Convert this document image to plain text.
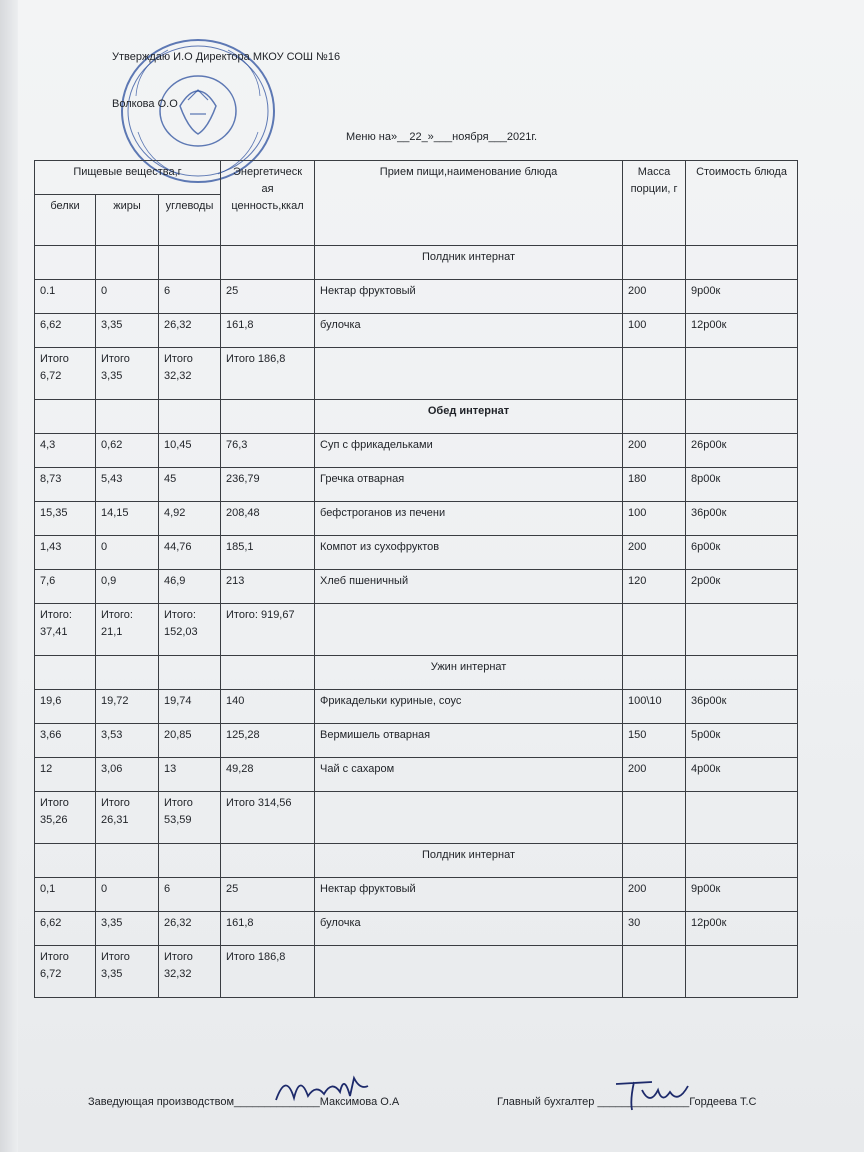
Утверждаю И.О Директора МКОУ СОШ №16
Волкова О.О
Меню на»__22_»___ноября___2021г.
Пищевые вещества,г			Энергетическ ая ценность,ккал	Прием пищи,наименование блюда	Масса порции, г	Стоимость блюда
белки	жиры	углеводы				
				Полдник интернат		
0.1	0	6	25	Нектар фруктовый	200	9р00к
6,62	3,35	26,32	161,8	булочка	100	12р00к
Итого 6,72	Итого 3,35	Итого 32,32	Итого 186,8			
				Обед интернат		
4,3	0,62	10,45	76,3	Суп с фрикадельками	200	26р00к
8,73	5,43	45	236,79	Гречка отварная	180	8р00к
15,35	14,15	4,92	208,48	бефстроганов из печени	100	36р00к
1,43	0	44,76	185,1	Компот из сухофруктов	200	6р00к
7,6	0,9	46,9	213	Хлеб пшеничный	120	2р00к
Итого: 37,41	Итого: 21,1	Итого: 152,03	Итого: 919,67			
				Ужин интернат		
19,6	19,72	19,74	140	Фрикадельки куриные, соус	100\10	36р00к
3,66	3,53	20,85	125,28	Вермишель отварная	150	5р00к
12	3,06	13	49,28	Чай с сахаром	200	4р00к
Итого 35,26	Итого 26,31	Итого 53,59	Итого 314,56			
				Полдник интернат		
0,1	0	6	25	Нектар фруктовый	200	9р00к
6,62	3,35	26,32	161,8	булочка	30	12р00к
Итого 6,72	Итого 3,35	Итого 32,32	Итого 186,8			
Заведующая производством______________Максимова О.А	Главный бухгалтер _______________Гордеева Т.С
